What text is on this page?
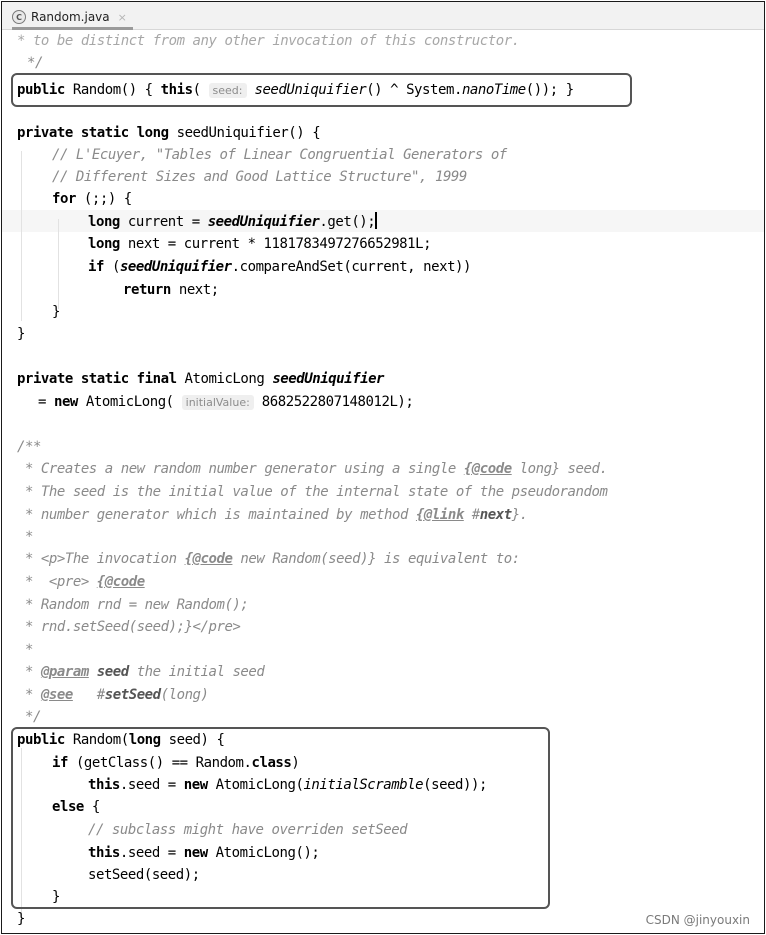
C Random.java ×
* to be distinct from any other invocation of this constructor.
*/
public Random() { this( seed: seedUniquifier() ^ System.nanoTime()); }
private static long seedUniquifier() {
// L'Ecuyer, "Tables of Linear Congruential Generators of
// Different Sizes and Good Lattice Structure", 1999
for (;;) {
long current = seedUniquifier.get();
long next = current * 1181783497276652981L;
if (seedUniquifier.compareAndSet(current, next))
return next;
}
}
private static final AtomicLong seedUniquifier
= new AtomicLong( initialValue: 8682522807148012L);
/**
* Creates a new random number generator using a single {@code long} seed.
* The seed is the initial value of the internal state of the pseudorandom
* number generator which is maintained by method {@link #next}.
*
* <p>The invocation {@code new Random(seed)} is equivalent to:
*  <pre> {@code
* Random rnd = new Random();
* rnd.setSeed(seed);}</pre>
*
* @param seed the initial seed
* @see   #setSeed(long)
*/
public Random(long seed) {
if (getClass() == Random.class)
this.seed = new AtomicLong(initialScramble(seed));
else {
// subclass might have overriden setSeed
this.seed = new AtomicLong();
setSeed(seed);
}
}	CSDN @jinyouxin
